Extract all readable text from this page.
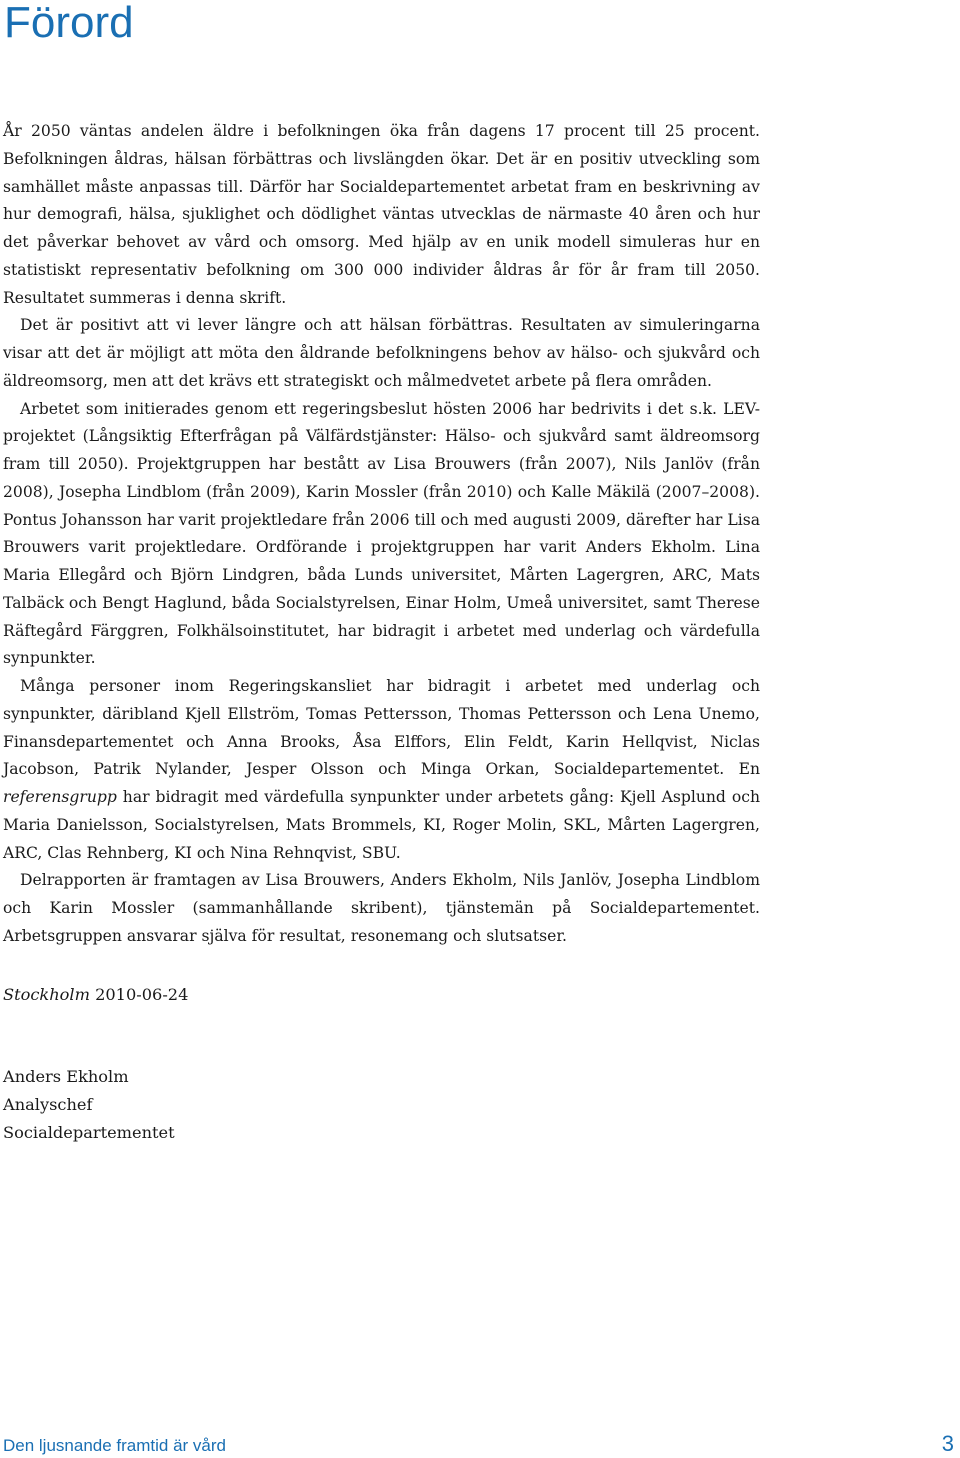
Förord

År 2050 väntas andelen äldre i befolkningen öka från dagens 17 procent till 25 procent. Befolkningen åldras, hälsan förbättras och livslängden ökar. Det är en positiv utveckling som samhället måste anpassas till. Därför har Socialdepartementet arbetat fram en beskrivning av hur demografi, hälsa, sjuklighet och dödlighet väntas utvecklas de närmaste 40 åren och hur det påverkar behovet av vård och omsorg. Med hjälp av en unik modell simuleras hur en statistiskt representativ befolkning om 300 000 individer åldras år för år fram till 2050. Resultatet summeras i denna skrift.

Det är positivt att vi lever längre och att hälsan förbättras. Resultaten av simuleringarna visar att det är möjligt att möta den åldrande befolkningens behov av hälso- och sjukvård och äldreomsorg, men att det krävs ett strategiskt och målmedvetet arbete på flera områden.

Arbetet som initierades genom ett regeringsbeslut hösten 2006 har bedrivits i det s.k. LEV-projektet (Långsiktig Efterfrågan på Välfärdstjänster: Hälso- och sjukvård samt äldreomsorg fram till 2050). Projektgruppen har bestått av Lisa Brouwers (från 2007), Nils Janlöv (från 2008), Josepha Lindblom (från 2009), Karin Mossler (från 2010) och Kalle Mäkilä (2007–2008). Pontus Johansson har varit projektledare från 2006 till och med augusti 2009, därefter har Lisa Brouwers varit projektledare. Ordförande i projektgruppen har varit Anders Ekholm. Lina Maria Ellegård och Björn Lindgren, båda Lunds universitet, Mårten Lagergren, ARC, Mats Talbäck och Bengt Haglund, båda Socialstyrelsen, Einar Holm, Umeå universitet, samt Therese Räftegård Färggren, Folkhälsoinstitutet, har bidragit i arbetet med underlag och värdefulla synpunkter.

Många personer inom Regeringskansliet har bidragit i arbetet med underlag och synpunkter, däribland Kjell Ellström, Tomas Pettersson, Thomas Pettersson och Lena Unemo, Finansdepartementet och Anna Brooks, Åsa Elffors, Elin Feldt, Karin Hellqvist, Niclas Jacobson, Patrik Nylander, Jesper Olsson och Minga Orkan, Socialdepartementet. En referensgrupp har bidragit med värdefulla synpunkter under arbetets gång: Kjell Asplund och Maria Danielsson, Socialstyrelsen, Mats Brommels, KI, Roger Molin, SKL, Mårten Lagergren, ARC, Clas Rehnberg, KI och Nina Rehnqvist, SBU.

Delrapporten är framtagen av Lisa Brouwers, Anders Ekholm, Nils Janlöv, Josepha Lindblom och Karin Mossler (sammanhållande skribent), tjänstemän på Socialdepartementet. Arbetsgruppen ansvarar själva för resultat, resonemang och slutsatser.

Stockholm 2010-06-24
Anders Ekholm
Analyschef
Socialdepartementet
Den ljusnande framtid är vård	3
